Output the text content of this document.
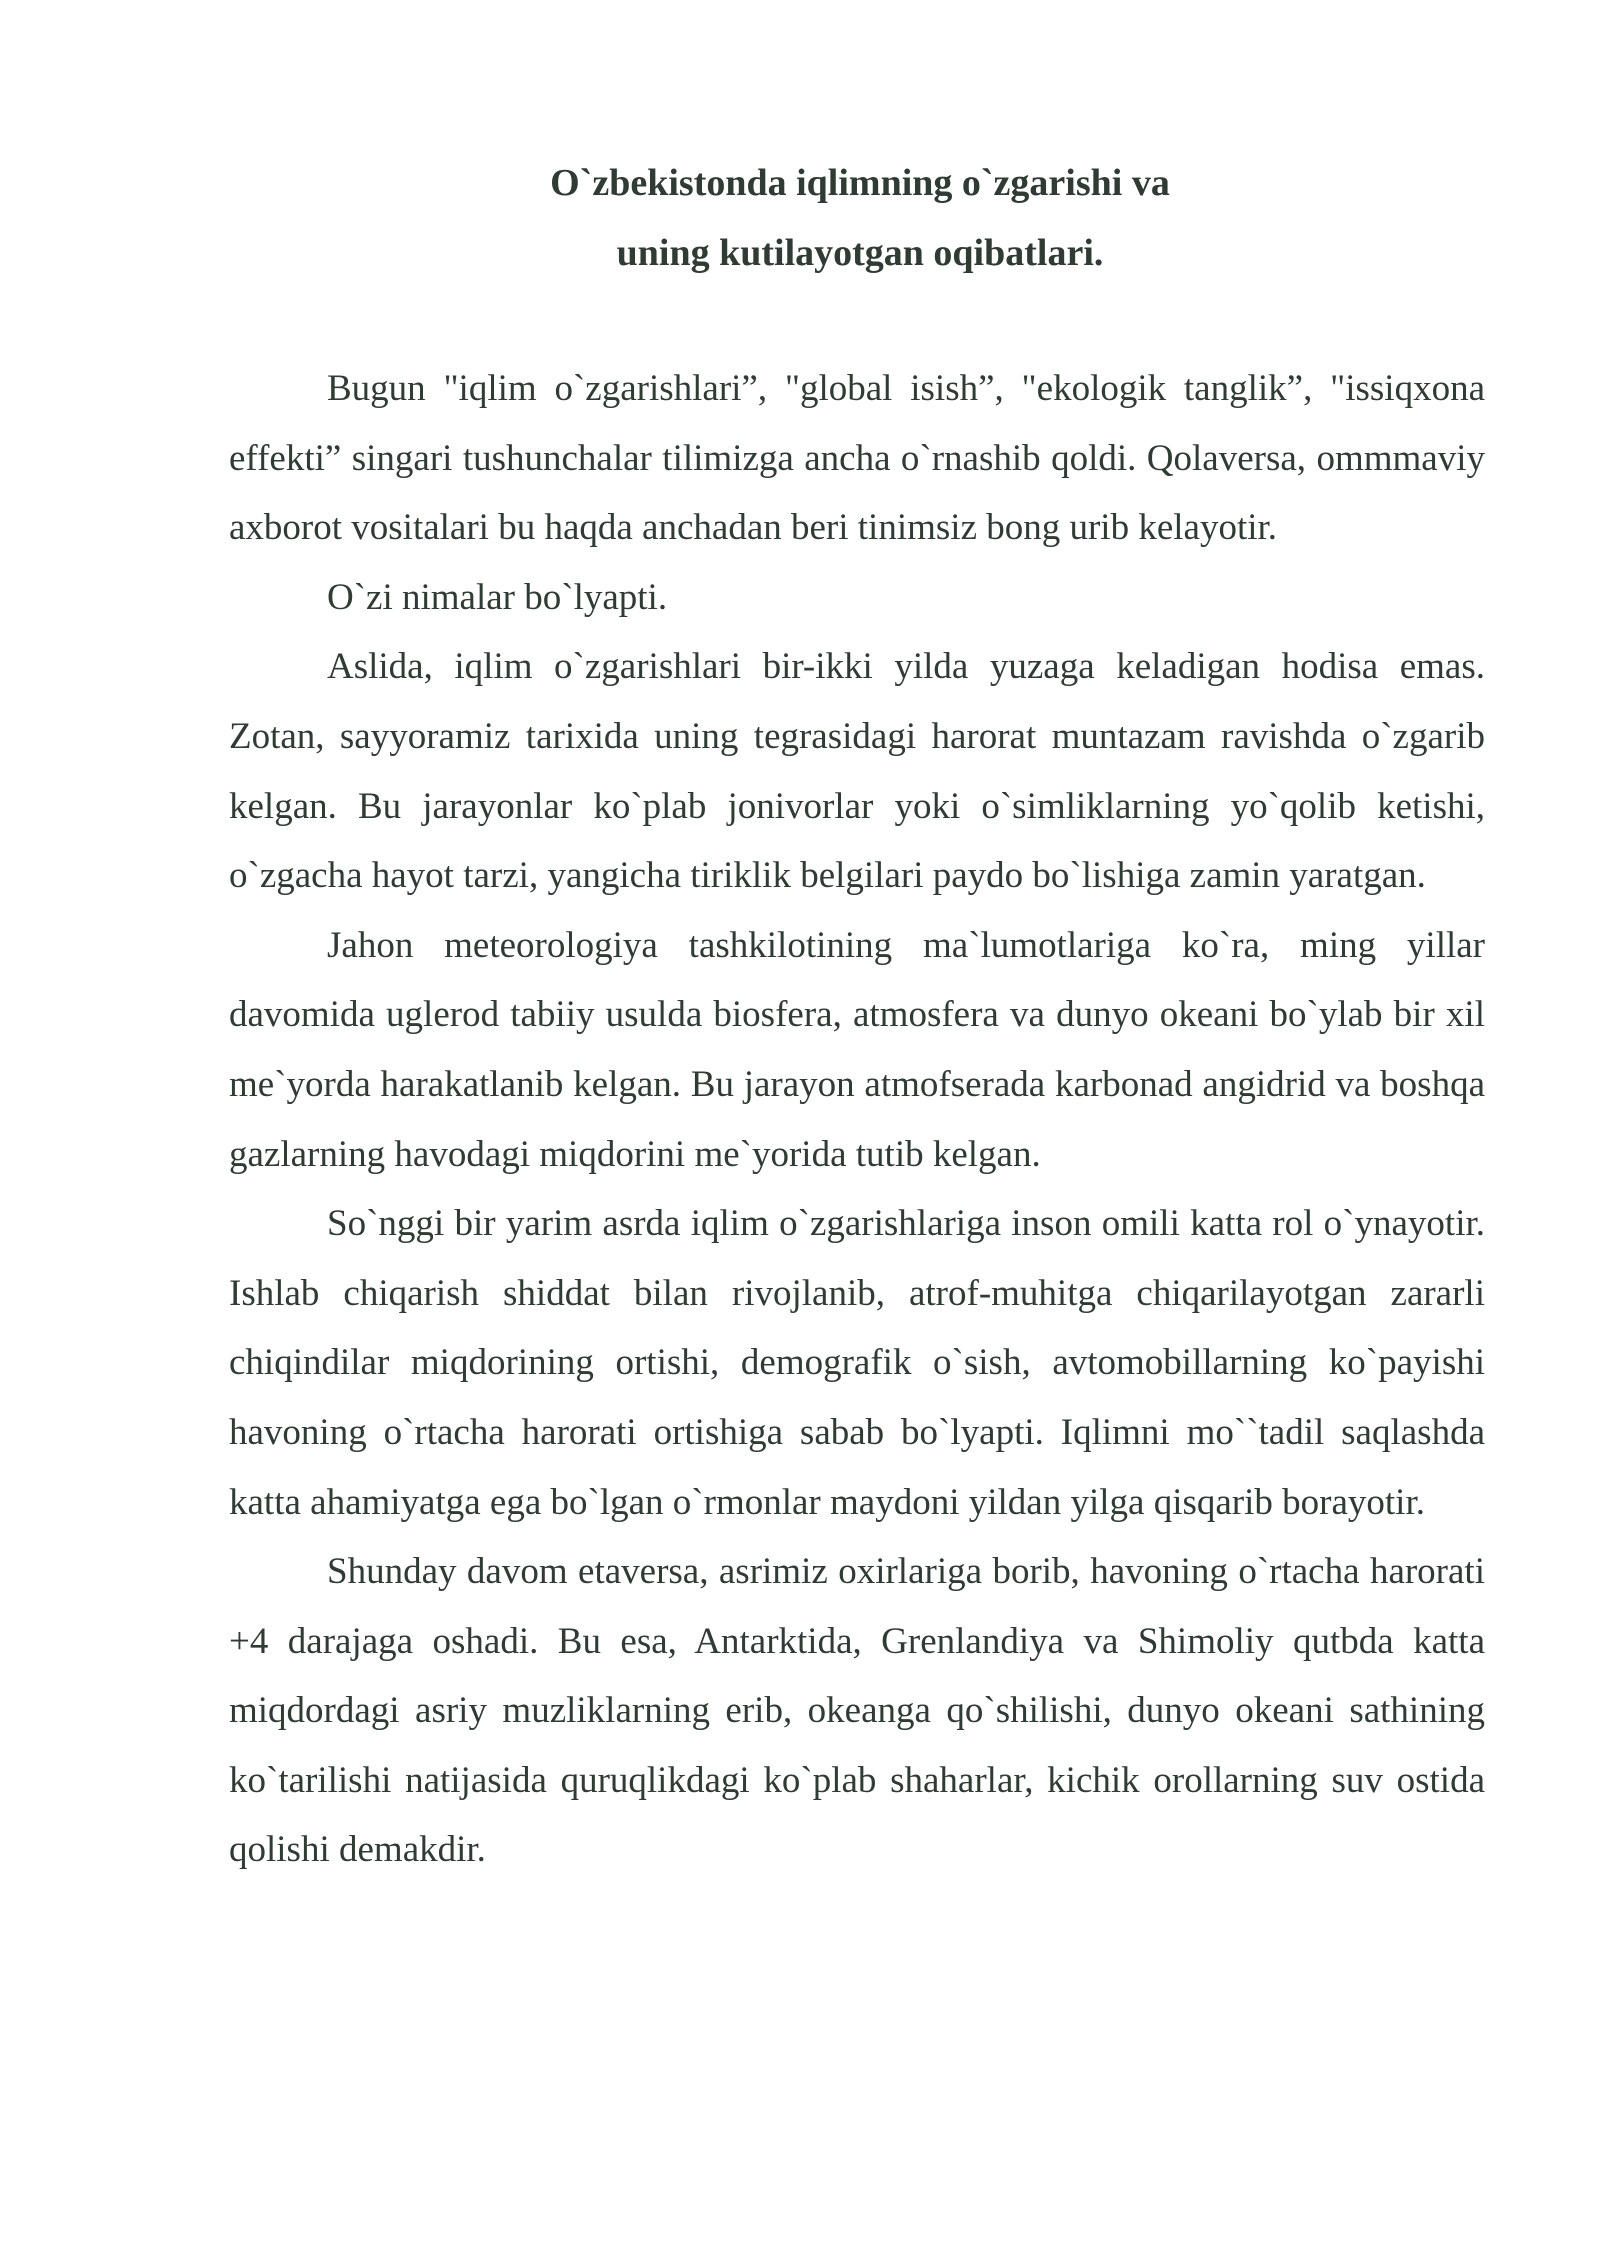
O`zbekistonda iqlimning o`zgarishi va
uning kutilayotgan oqibatlari.

Bugun "iqlim o`zgarishlari”, "global isish”, "ekologik tanglik”, "issiqxona effekti” singari tushunchalar tilimizga ancha o`rnashib qoldi. Qolaversa, ommmaviy axborot vositalari bu haqda anchadan beri tinimsiz bong urib kelayotir.

O`zi nimalar bo`lyapti.

Aslida, iqlim o`zgarishlari bir-ikki yilda yuzaga keladigan hodisa emas. Zotan, sayyoramiz tarixida uning tegrasidagi harorat muntazam ravishda o`zgarib kelgan. Bu jarayonlar ko`plab jonivorlar yoki o`simliklarning yo`qolib ketishi, o`zgacha hayot tarzi, yangicha tiriklik belgilari paydo bo`lishiga zamin yaratgan.

Jahon meteorologiya tashkilotining ma`lumotlariga ko`ra, ming yillar davomida uglerod tabiiy usulda biosfera, atmosfera va dunyo okeani bo`ylab bir xil me`yorda harakatlanib kelgan. Bu jarayon atmofserada karbonad angidrid va boshqa gazlarning havodagi miqdorini me`yorida tutib kelgan.

So`nggi bir yarim asrda iqlim o`zgarishlariga inson omili katta rol o`ynayotir. Ishlab chiqarish shiddat bilan rivojlanib, atrof-muhitga chiqarilayotgan zararli chiqindilar miqdorining ortishi, demografik o`sish, avtomobillarning ko`payishi havoning o`rtacha harorati ortishiga sabab bo`lyapti. Iqlimni mo``tadil saqlashda katta ahamiyatga ega bo`lgan o`rmonlar maydoni yildan yilga qisqarib borayotir.

Shunday davom etaversa, asrimiz oxirlariga borib, havoning o`rtacha harorati +4 darajaga oshadi. Bu esa, Antarktida, Grenlandiya va Shimoliy qutbda katta miqdordagi asriy muzliklarning erib, okeanga qo`shilishi, dunyo okeani sathining ko`tarilishi natijasida quruqlikdagi ko`plab shaharlar, kichik orollarning suv ostida qolishi demakdir.
